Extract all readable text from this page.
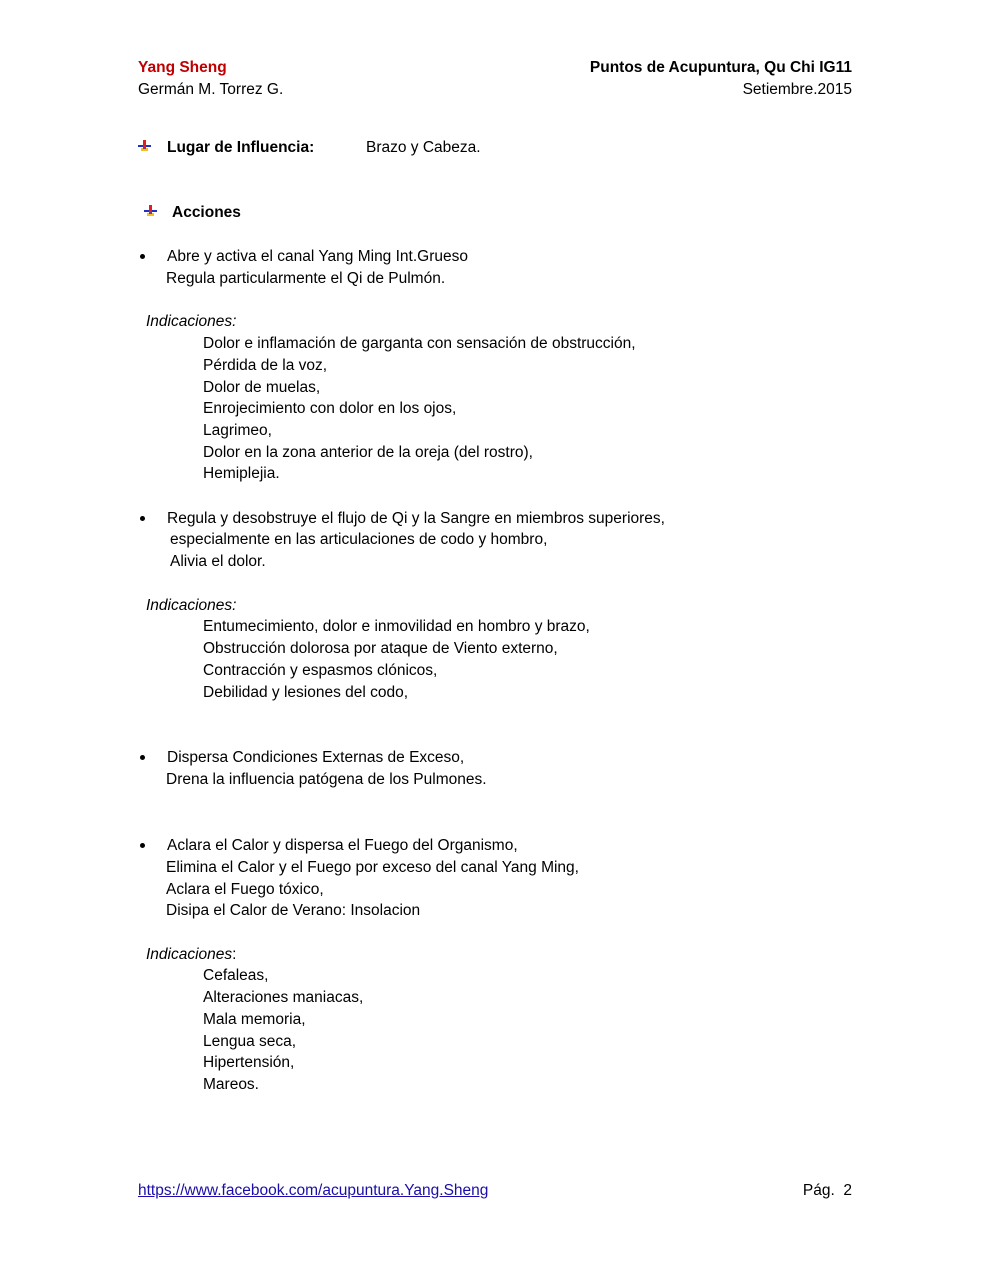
Yang Sheng
Germán M. Torrez G.
Puntos de Acupuntura, Qu Chi IG11
Setiembre.2015
Lugar de Influencia:	Brazo y Cabeza.
Acciones
Abre y activa el canal Yang Ming Int.Grueso
Regula particularmente el Qi de Pulmón.
Indicaciones:
Dolor e inflamación de garganta con sensación de obstrucción,
Pérdida de la voz,
Dolor de muelas,
Enrojecimiento con dolor en los ojos,
Lagrimeo,
Dolor en la zona anterior de la oreja (del rostro),
Hemiplejia.
Regula y desobstruye el flujo de Qi y la Sangre en miembros superiores,
especialmente en las articulaciones de codo y hombro,
Alivia el dolor.
Indicaciones:
Entumecimiento, dolor e inmovilidad en hombro y brazo,
Obstrucción dolorosa por ataque de Viento externo,
Contracción y espasmos clónicos,
Debilidad y lesiones del codo,
Dispersa Condiciones Externas de Exceso,
Drena la influencia patógena de los Pulmones.
Aclara el Calor y dispersa el Fuego del Organismo,
Elimina el Calor y el Fuego por exceso del canal Yang Ming,
Aclara el Fuego tóxico,
Disipa el Calor de Verano: Insolacion
Indicaciones:
Cefaleas,
Alteraciones maniacas,
Mala memoria,
Lengua seca,
Hipertensión,
Mareos.
https://www.facebook.com/acupuntura.Yang.Sheng	Pág.  2
